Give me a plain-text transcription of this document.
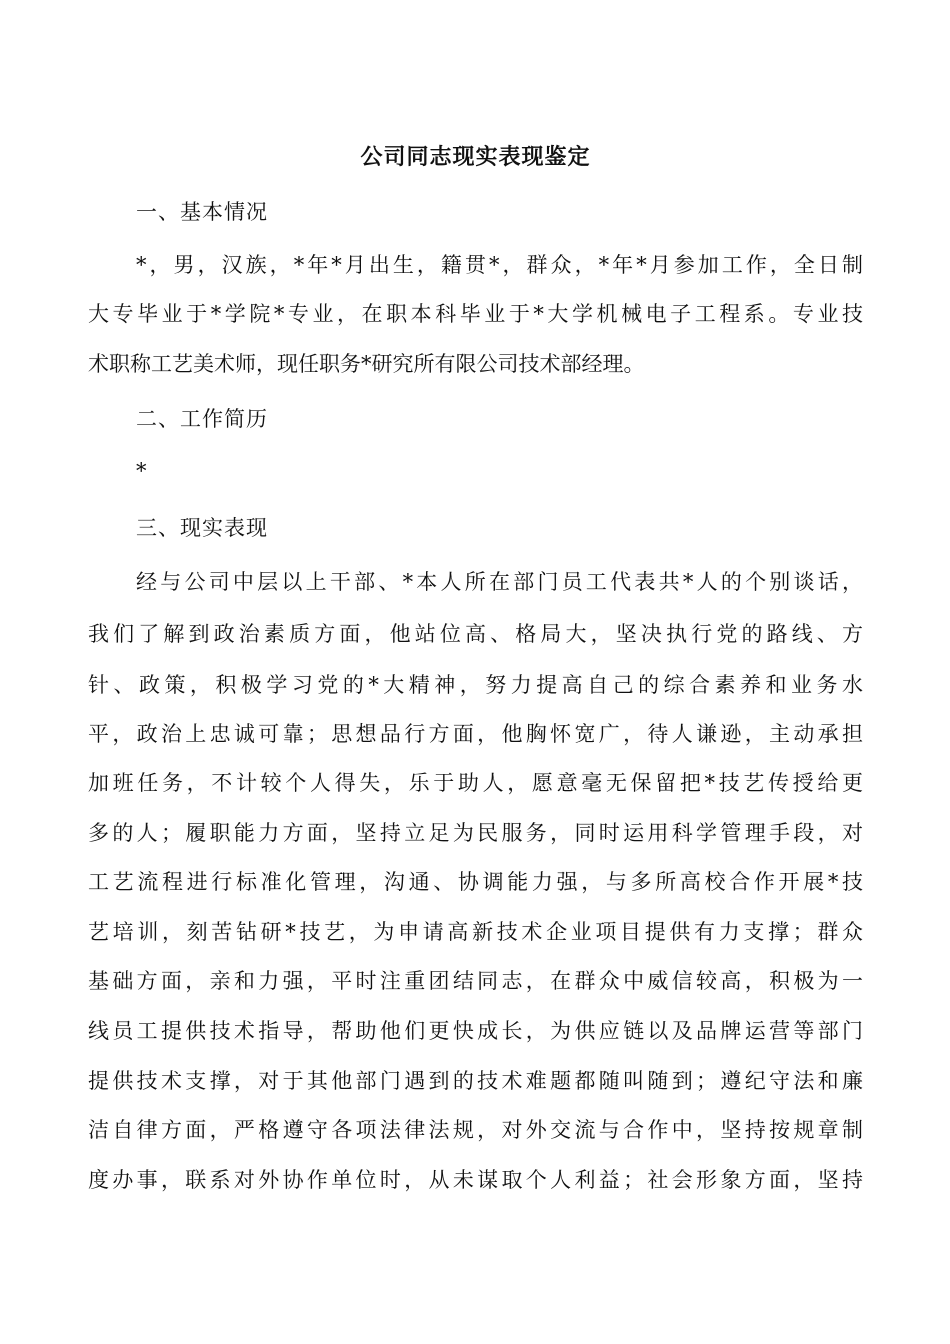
公司同志现实表现鉴定
一、基本情况
*，男，汉族，*年*月出生，籍贯*，群众，*年*月参加工作，全日制
大专毕业于*学院*专业，在职本科毕业于*大学机械电子工程系。专业技
术职称工艺美术师，现任职务*研究所有限公司技术部经理。
二、工作简历
*
三、现实表现
经与公司中层以上干部、*本人所在部门员工代表共*人的个别谈话，
我们了解到政治素质方面，他站位高、格局大，坚决执行党的路线、方
针、政策，积极学习党的*大精神，努力提高自己的综合素养和业务水
平，政治上忠诚可靠；思想品行方面，他胸怀宽广，待人谦逊，主动承担
加班任务，不计较个人得失，乐于助人，愿意毫无保留把*技艺传授给更
多的人；履职能力方面，坚持立足为民服务，同时运用科学管理手段，对
工艺流程进行标准化管理，沟通、协调能力强，与多所高校合作开展*技
艺培训，刻苦钻研*技艺，为申请高新技术企业项目提供有力支撑；群众
基础方面，亲和力强，平时注重团结同志，在群众中威信较高，积极为一
线员工提供技术指导，帮助他们更快成长，为供应链以及品牌运营等部门
提供技术支撑，对于其他部门遇到的技术难题都随叫随到；遵纪守法和廉
洁自律方面，严格遵守各项法律法规，对外交流与合作中，坚持按规章制
度办事，联系对外协作单位时，从未谋取个人利益；社会形象方面，坚持
